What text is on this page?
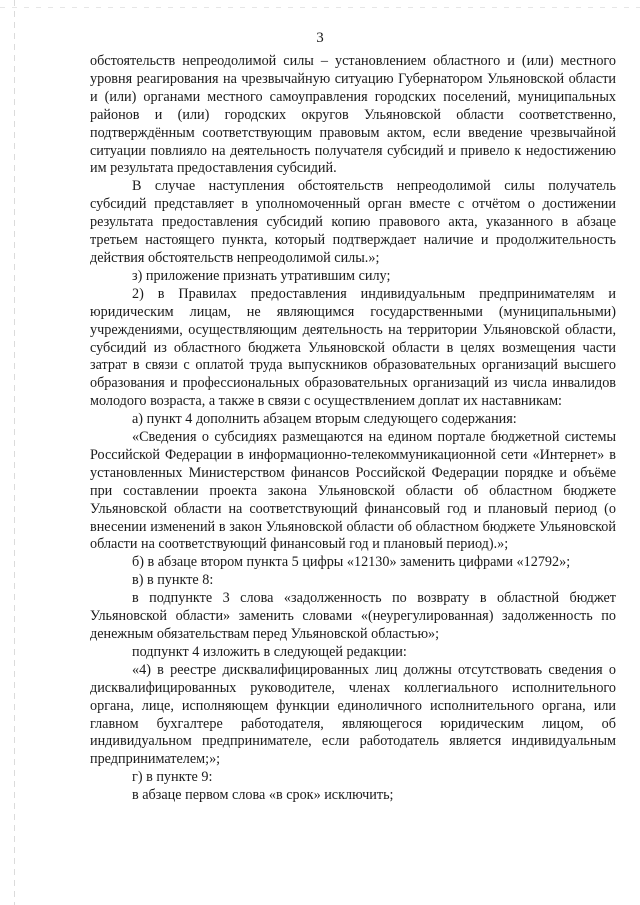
3

обстоятельств непреодолимой силы – установлением областного и (или) местного уровня реагирования на чрезвычайную ситуацию Губернатором Ульяновской области и (или) органами местного самоуправления городских поселений, муниципальных районов и (или) городских округов Ульяновской области соответственно, подтверждённым соответствующим правовым актом, если введение чрезвычайной ситуации повлияло на деятельность получателя субсидий и привело к недостижению им результата предоставления субсидий.

В случае наступления обстоятельств непреодолимой силы получатель субсидий представляет в уполномоченный орган вместе с отчётом о достижении результата предоставления субсидий копию правового акта, указанного в абзаце третьем настоящего пункта, который подтверждает наличие и продолжительность действия обстоятельств непреодолимой силы.»;

з) приложение признать утратившим силу;

2) в Правилах предоставления индивидуальным предпринимателям и юридическим лицам, не являющимся государственными (муниципальными) учреждениями, осуществляющим деятельность на территории Ульяновской области, субсидий из областного бюджета Ульяновской области в целях возмещения части затрат в связи с оплатой труда выпускников образовательных организаций высшего образования и профессиональных образовательных организаций из числа инвалидов молодого возраста, а также в связи с осуществлением доплат их наставникам:

а) пункт 4 дополнить абзацем вторым следующего содержания:

«Сведения о субсидиях размещаются на едином портале бюджетной системы Российской Федерации в информационно-телекоммуникационной сети «Интернет» в установленных Министерством финансов Российской Федерации порядке и объёме при составлении проекта закона Ульяновской области об областном бюджете Ульяновской области на соответствующий финансовый год и плановый период (о внесении изменений в закон Ульяновской области об областном бюджете Ульяновской области на соответствующий финансовый год и плановый период).»;

б) в абзаце втором пункта 5 цифры «12130» заменить цифрами «12792»;

в) в пункте 8:

в подпункте 3 слова «задолженность по возврату в областной бюджет Ульяновской области» заменить словами «(неурегулированная) задолженность по денежным обязательствам перед Ульяновской областью»;

подпункт 4 изложить в следующей редакции:

«4) в реестре дисквалифицированных лиц должны отсутствовать сведения о дисквалифицированных руководителе, членах коллегиального исполнительного органа, лице, исполняющем функции единоличного исполнительного органа, или главном бухгалтере работодателя, являющегося юридическим лицом, об индивидуальном предпринимателе, если работодатель является индивидуальным предпринимателем;»;

г) в пункте 9:

в абзаце первом слова «в срок» исключить;
